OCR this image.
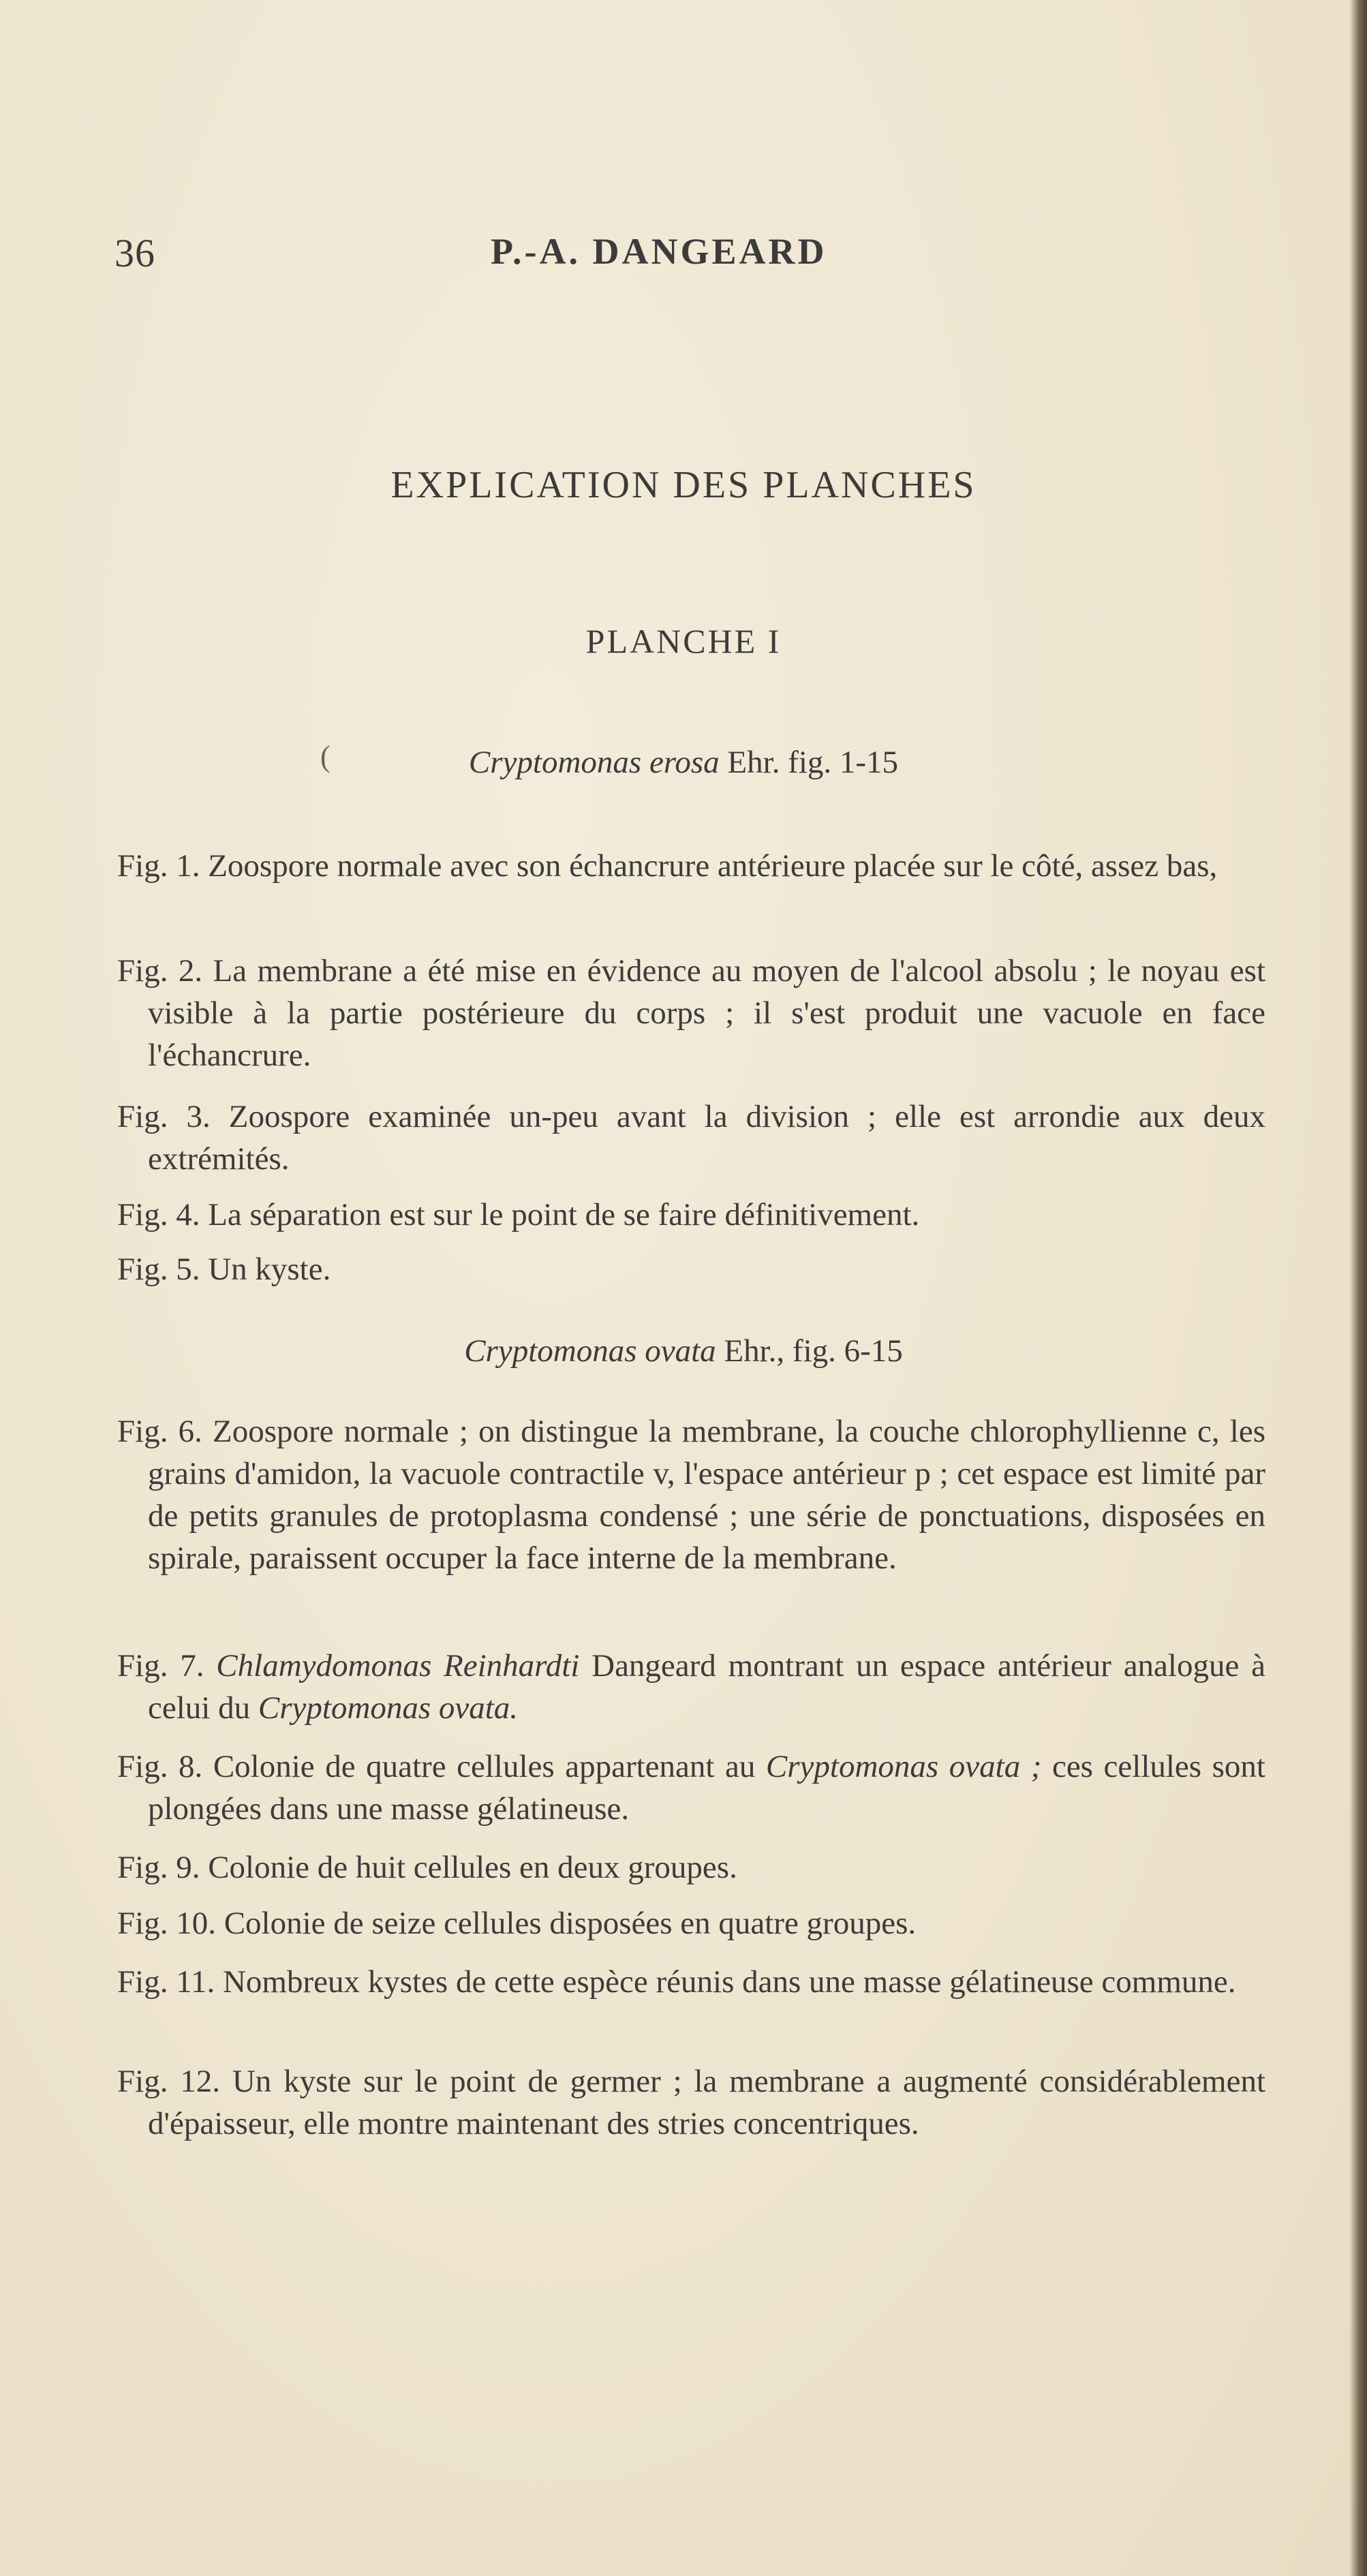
36	P.-A. DANGEARD
EXPLICATION DES PLANCHES
PLANCHE I
(	Cryptomonas erosa Ehr. fig. 1-15
Fig. 1. Zoospore normale avec son échancrure antérieure placée sur le côté, assez bas,
Fig. 2. La membrane a été mise en évidence au moyen de l'alcool absolu ; le noyau est visible à la partie postérieure du corps ; il s'est produit une vacuole en face l'échancrure.
Fig. 3. Zoospore examinée un-peu avant la division ; elle est arrondie aux deux extrémités.
Fig. 4. La séparation est sur le point de se faire définitivement.
Fig. 5. Un kyste.
Cryptomonas ovata Ehr., fig. 6-15
Fig. 6. Zoospore normale ; on distingue la membrane, la couche chlorophyllienne c, les grains d'amidon, la vacuole contractile v, l'espace antérieur p ; cet espace est limité par de petits granules de protoplasma condensé ; une série de ponctuations, disposées en spirale, paraissent occuper la face interne de la membrane.
Fig. 7. Chlamydomonas Reinhardti Dangeard montrant un espace antérieur analogue à celui du Cryptomonas ovata.
Fig. 8. Colonie de quatre cellules appartenant au Cryptomonas ovata ; ces cellules sont plongées dans une masse gélatineuse.
Fig. 9. Colonie de huit cellules en deux groupes.
Fig. 10. Colonie de seize cellules disposées en quatre groupes.
Fig. 11. Nombreux kystes de cette espèce réunis dans une masse gélatineuse commune.
Fig. 12. Un kyste sur le point de germer ; la membrane a augmenté considérablement d'épaisseur, elle montre maintenant des stries concentriques.
